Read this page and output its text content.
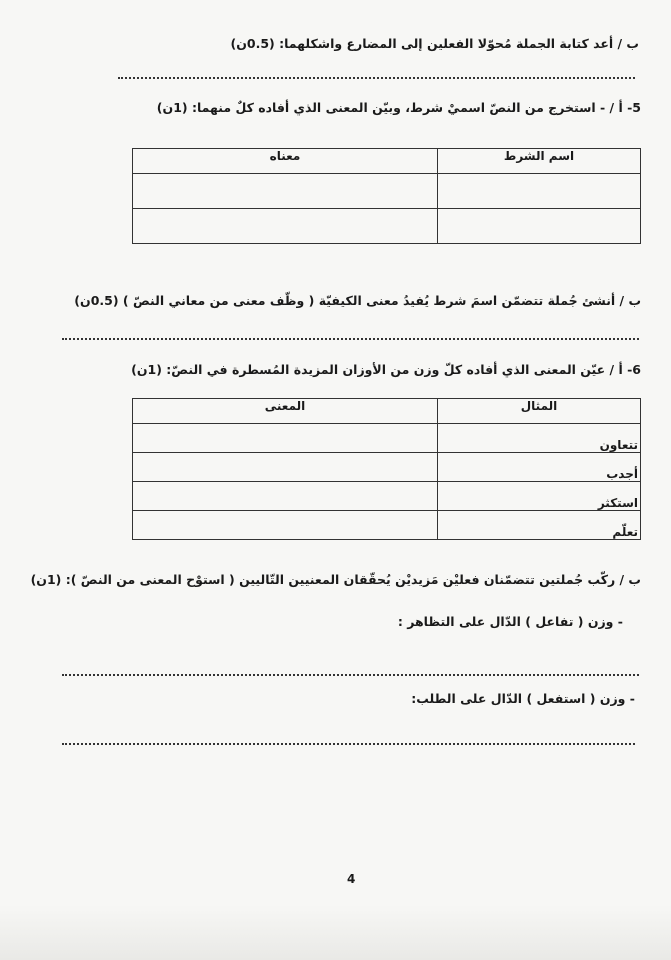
ب / أعد كتابة الجملة مُحوّلا الفعلين إلى المضارع واشكلهما: (0.5ن)
5- أ / - استخرج من النصّ اسميْ شرط، وبيّن المعنى الذي أفاده كلٌ منهما: (1ن)
اسم الشرط	معناه

ب / أنشئ جُملة تتضمّن اسمَ شرط يُفيدُ معنى الكيفيّة ( وظّف معنى من معاني النصّ ) (0.5ن)
6- أ / عيّن المعنى الذي أفاده كلّ وزن من الأوزان المزيدة المُسطرة في النصّ: (1ن)
المثال	المعنى
تتعاون	
أجدب	
استكثر	
تعلّم	
ب / ركّب جُملتين تتضمّنان فعليْن مَزيديْن يُحقّقان المعنيين التّاليين ( استوْح المعنى من النصّ ): (1ن)
- وزن ( تفاعل ) الدّال على التظاهر :
- وزن ( استفعل ) الدّال على الطلب:
4
